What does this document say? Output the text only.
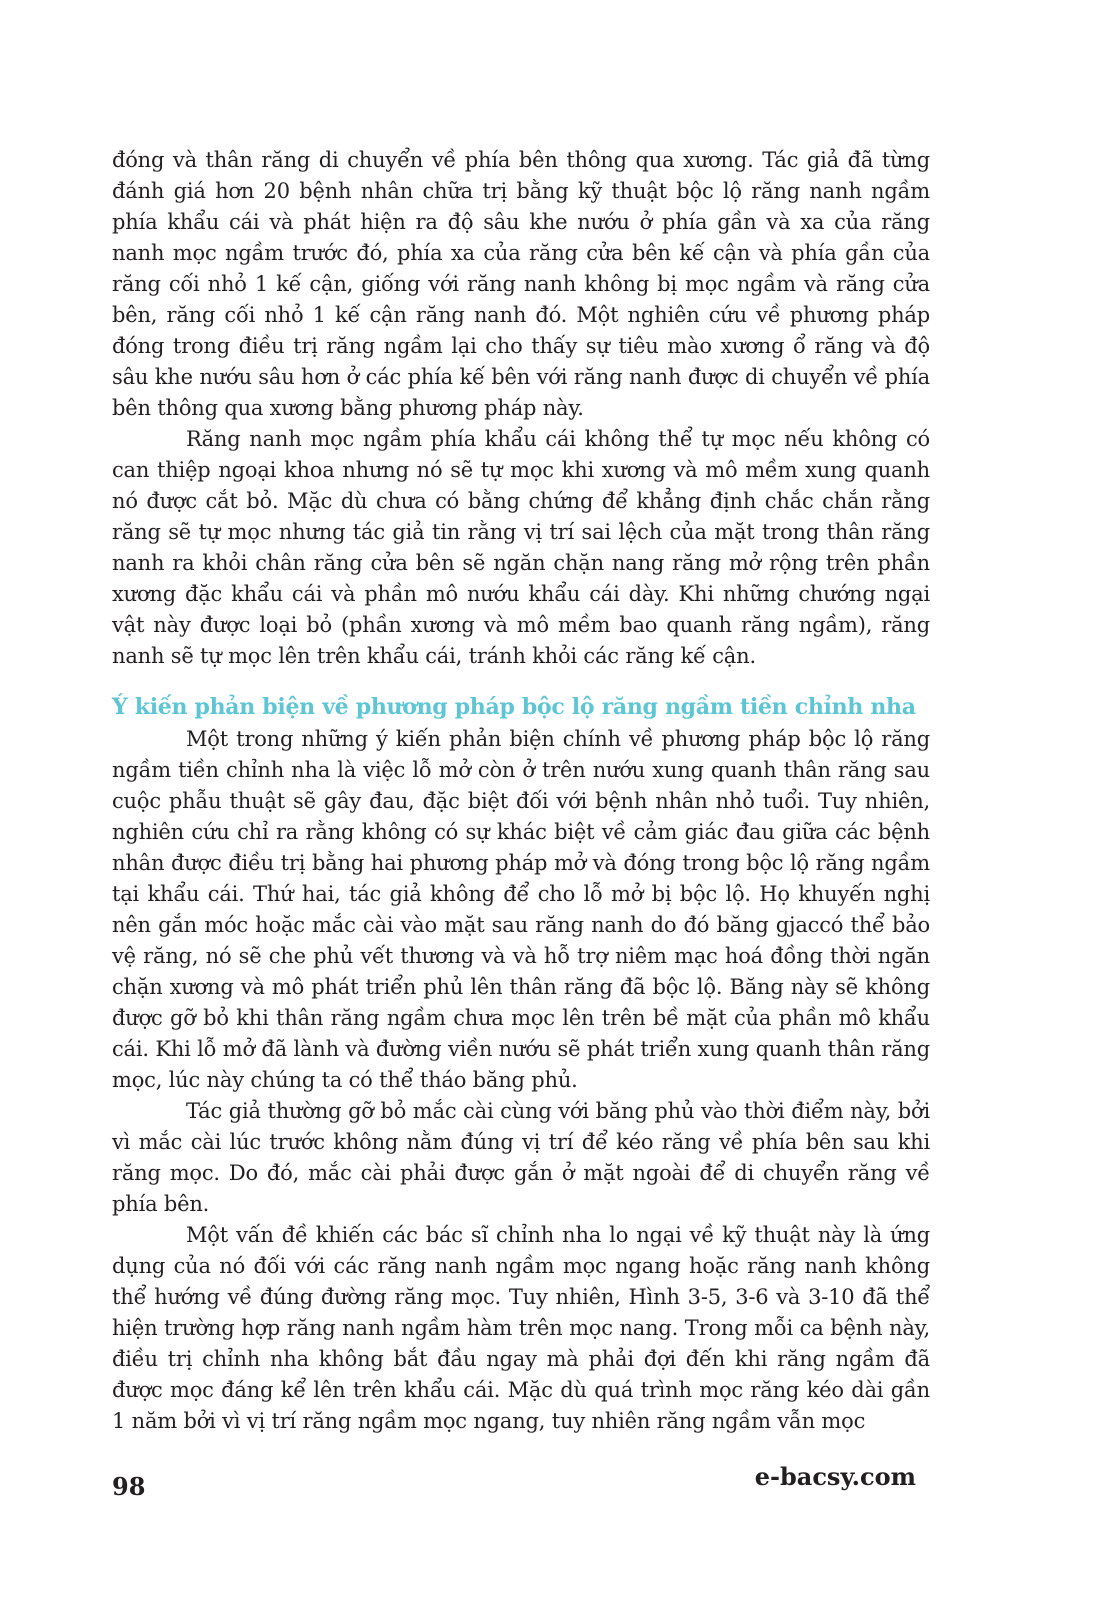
đóng và thân răng di chuyển về phía bên thông qua xương. Tác giả đã từng đánh giá hơn 20 bệnh nhân chữa trị bằng kỹ thuật bộc lộ răng nanh ngầm phía khẩu cái và phát hiện ra độ sâu khe nướu ở phía gần và xa của răng nanh mọc ngầm trước đó, phía xa của răng cửa bên kế cận và phía gần của răng cối nhỏ 1 kế cận, giống với răng nanh không bị mọc ngầm và răng cửa bên, răng cối nhỏ 1 kế cận răng nanh đó. Một nghiên cứu về phương pháp đóng trong điều trị răng ngầm lại cho thấy sự tiêu mào xương ổ răng và độ sâu khe nướu sâu hơn ở các phía kế bên với răng nanh được di chuyển về phía bên thông qua xương bằng phương pháp này.

Răng nanh mọc ngầm phía khẩu cái không thể tự mọc nếu không có can thiệp ngoại khoa nhưng nó sẽ tự mọc khi xương và mô mềm xung quanh nó được cắt bỏ. Mặc dù chưa có bằng chứng để khẳng định chắc chắn rằng răng sẽ tự mọc nhưng tác giả tin rằng vị trí sai lệch của mặt trong thân răng nanh ra khỏi chân răng cửa bên sẽ ngăn chặn nang răng mở rộng trên phần xương đặc khẩu cái và phần mô nướu khẩu cái dày. Khi những chướng ngại vật này được loại bỏ (phần xương và mô mềm bao quanh răng ngầm), răng nanh sẽ tự mọc lên trên khẩu cái, tránh khỏi các răng kế cận.

Ý kiến phản biện về phương pháp bộc lộ răng ngầm tiền chỉnh nha

Một trong những ý kiến phản biện chính về phương pháp bộc lộ răng ngầm tiền chỉnh nha là việc lỗ mở còn ở trên nướu xung quanh thân răng sau cuộc phẫu thuật sẽ gây đau, đặc biệt đối với bệnh nhân nhỏ tuổi. Tuy nhiên, nghiên cứu chỉ ra rằng không có sự khác biệt về cảm giác đau giữa các bệnh nhân được điều trị bằng hai phương pháp mở và đóng trong bộc lộ răng ngầm tại khẩu cái. Thứ hai, tác giả không để cho lỗ mở bị bộc lộ. Họ khuyến nghị nên gắn móc hoặc mắc cài vào mặt sau răng nanh do đó băng gjaccó thể bảo vệ răng, nó sẽ che phủ vết thương và và hỗ trợ niêm mạc hoá đồng thời ngăn chặn xương và mô phát triển phủ lên thân răng đã bộc lộ. Băng này sẽ không được gỡ bỏ khi thân răng ngầm chưa mọc lên trên bề mặt của phần mô khẩu cái. Khi lỗ mở đã lành và đường viền nướu sẽ phát triển xung quanh thân răng mọc, lúc này chúng ta có thể tháo băng phủ.

Tác giả thường gỡ bỏ mắc cài cùng với băng phủ vào thời điểm này, bởi vì mắc cài lúc trước không nằm đúng vị trí để kéo răng về phía bên sau khi răng mọc. Do đó, mắc cài phải được gắn ở mặt ngoài để di chuyển răng về phía bên.

Một vấn đề khiến các bác sĩ chỉnh nha lo ngại về kỹ thuật này là ứng dụng của nó đối với các răng nanh ngầm mọc ngang hoặc răng nanh không thể hướng về đúng đường răng mọc. Tuy nhiên, Hình 3-5, 3-6 và 3-10 đã thể hiện trường hợp răng nanh ngầm hàm trên mọc nang. Trong mỗi ca bệnh này, điều trị chỉnh nha không bắt đầu ngay mà phải đợi đến khi răng ngầm đã được mọc đáng kể lên trên khẩu cái. Mặc dù quá trình mọc răng kéo dài gần 1 năm bởi vì vị trí răng ngầm mọc ngang, tuy nhiên răng ngầm vẫn mọc

98	e-bacsy.com
